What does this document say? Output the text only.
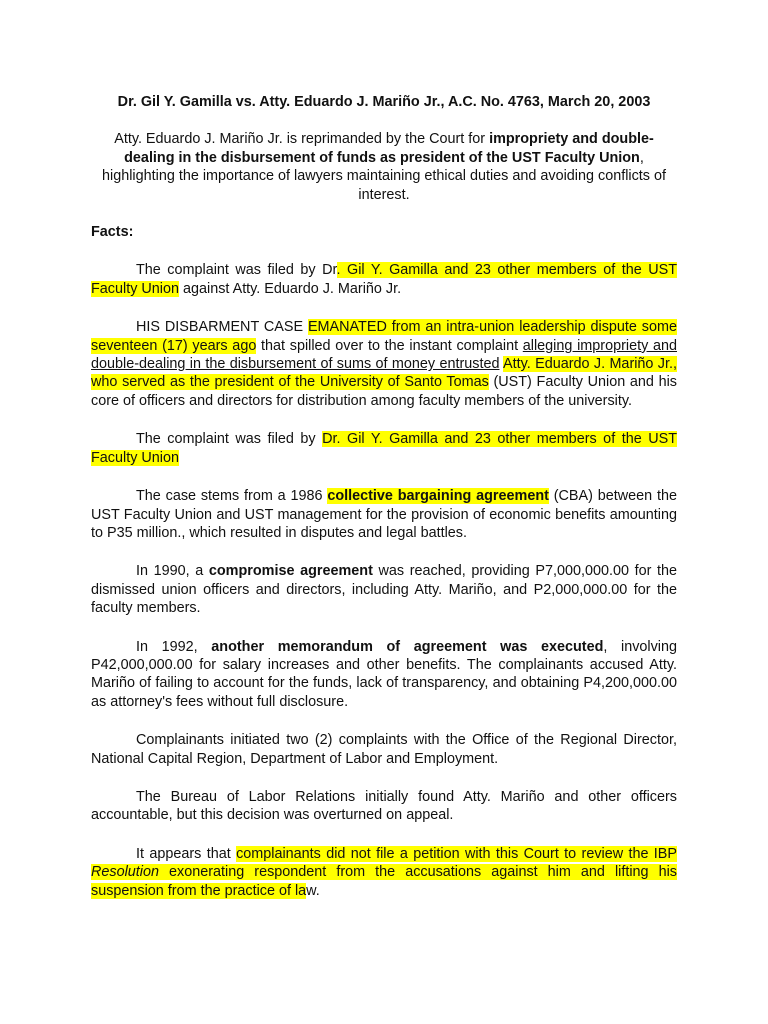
Dr. Gil Y. Gamilla vs. Atty. Eduardo J. Mariño Jr., A.C. No. 4763, March 20, 2003

Atty. Eduardo J. Mariño Jr. is reprimanded by the Court for impropriety and double-dealing in the disbursement of funds as president of the UST Faculty Union, highlighting the importance of lawyers maintaining ethical duties and avoiding conflicts of interest.

Facts:

The complaint was filed by Dr. Gil Y. Gamilla and 23 other members of the UST Faculty Union against Atty. Eduardo J. Mariño Jr.

HIS DISBARMENT CASE EMANATED from an intra-union leadership dispute some seventeen (17) years ago that spilled over to the instant complaint alleging impropriety and double-dealing in the disbursement of sums of money entrusted Atty. Eduardo J. Mariño Jr., who served as the president of the University of Santo Tomas (UST) Faculty Union and his core of officers and directors for distribution among faculty members of the university.

The complaint was filed by Dr. Gil Y. Gamilla and 23 other members of the UST Faculty Union

The case stems from a 1986 collective bargaining agreement (CBA) between the UST Faculty Union and UST management for the provision of economic benefits amounting to P35 million., which resulted in disputes and legal battles.

In 1990, a compromise agreement was reached, providing P7,000,000.00 for the dismissed union officers and directors, including Atty. Mariño, and P2,000,000.00 for the faculty members.

In 1992, another memorandum of agreement was executed, involving P42,000,000.00 for salary increases and other benefits. The complainants accused Atty. Mariño of failing to account for the funds, lack of transparency, and obtaining P4,200,000.00 as attorney's fees without full disclosure.

Complainants initiated two (2) complaints with the Office of the Regional Director, National Capital Region, Department of Labor and Employment.

The Bureau of Labor Relations initially found Atty. Mariño and other officers accountable, but this decision was overturned on appeal.

It appears that complainants did not file a petition with this Court to review the IBP Resolution exonerating respondent from the accusations against him and lifting his suspension from the practice of law.
